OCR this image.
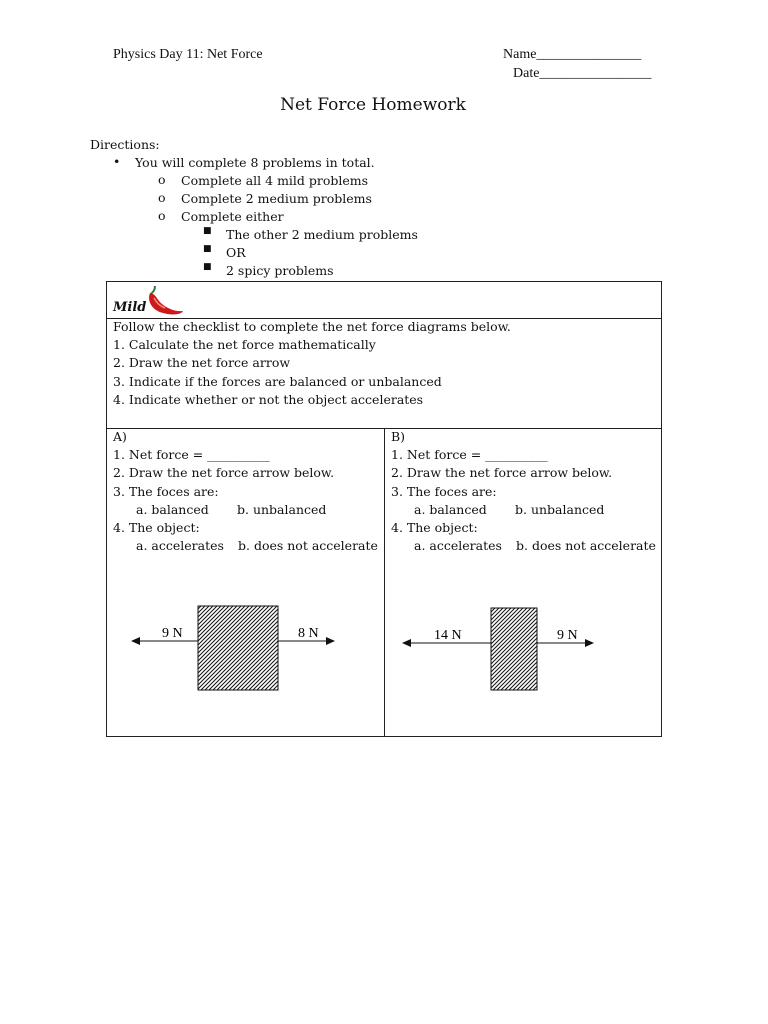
Physics Day 11: Net Force	Name_______________
Date________________
Net Force Homework
Directions:
• You will complete 8 problems in total.
o Complete all 4 mild problems
o Complete 2 medium problems
o Complete either
■ The other 2 medium problems
■ OR
■ 2 spicy problems
Mild
Follow the checklist to complete the net force diagrams below.
1. Calculate the net force mathematically
2. Draw the net force arrow
3. Indicate if the forces are balanced or unbalanced
4. Indicate whether or not the object accelerates
A)
1. Net force = __________
2. Draw the net force arrow below.
3. The foces are:
a. balanced b. unbalanced
4. The object:
a. accelerates b. does not accelerate
9 N	8 N
B)
1. Net force = __________
2. Draw the net force arrow below.
3. The foces are:
a. balanced b. unbalanced
4. The object:
a. accelerates b. does not accelerate
14 N	9 N
